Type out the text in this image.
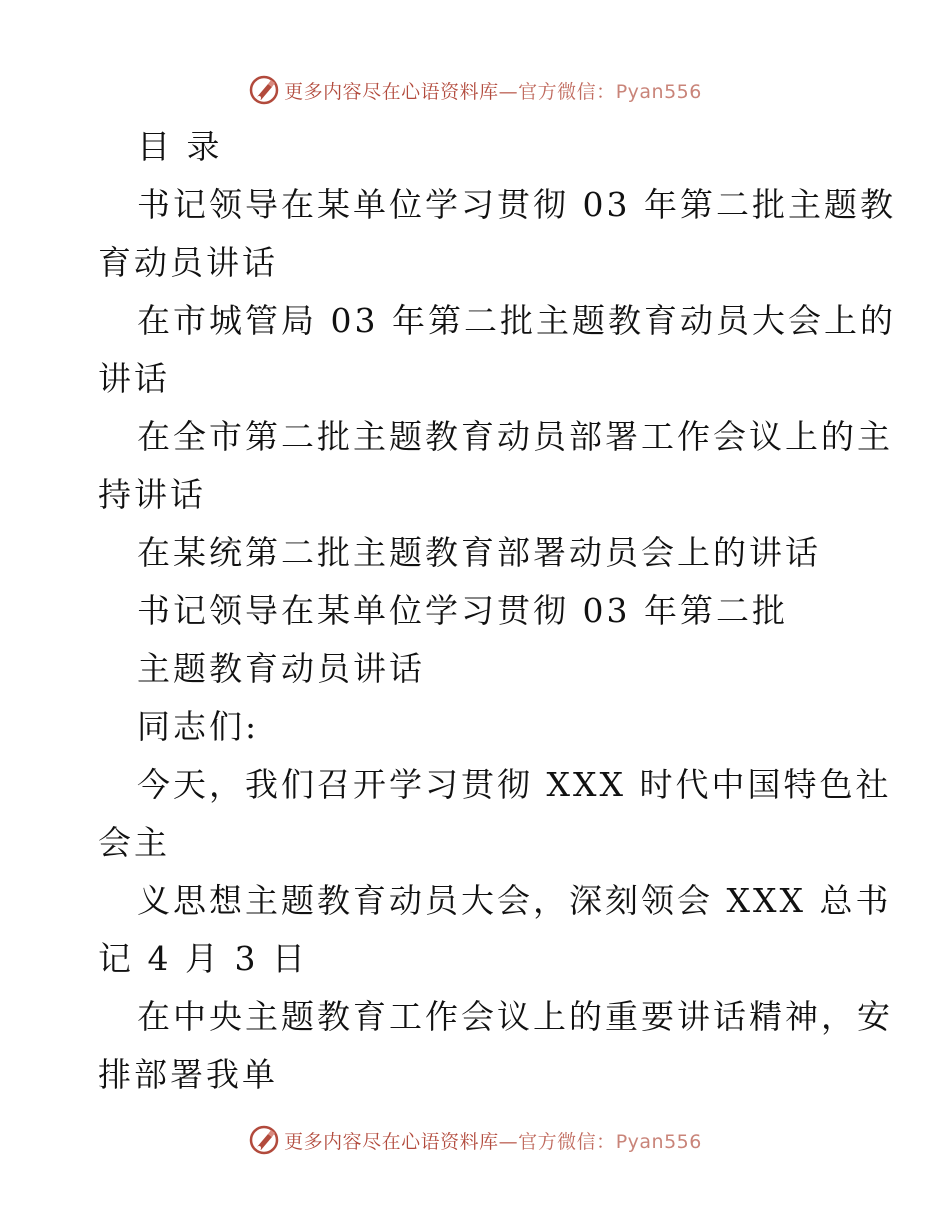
更多内容尽在心语资料库—官方微信：Pyan556
目 录
书记领导在某单位学习贯彻 03 年第二批主题教
育动员讲话
在市城管局 03 年第二批主题教育动员大会上的
讲话
在全市第二批主题教育动员部署工作会议上的主
持讲话
在某统第二批主题教育部署动员会上的讲话
书记领导在某单位学习贯彻 03 年第二批
主题教育动员讲话
同志们:
今天，我们召开学习贯彻 XXX 时代中国特色社
会主
义思想主题教育动员大会，深刻领会 XXX 总书
记 4 月 3 日
在中央主题教育工作会议上的重要讲话精神，安
排部署我单
更多内容尽在心语资料库—官方微信：Pyan556
